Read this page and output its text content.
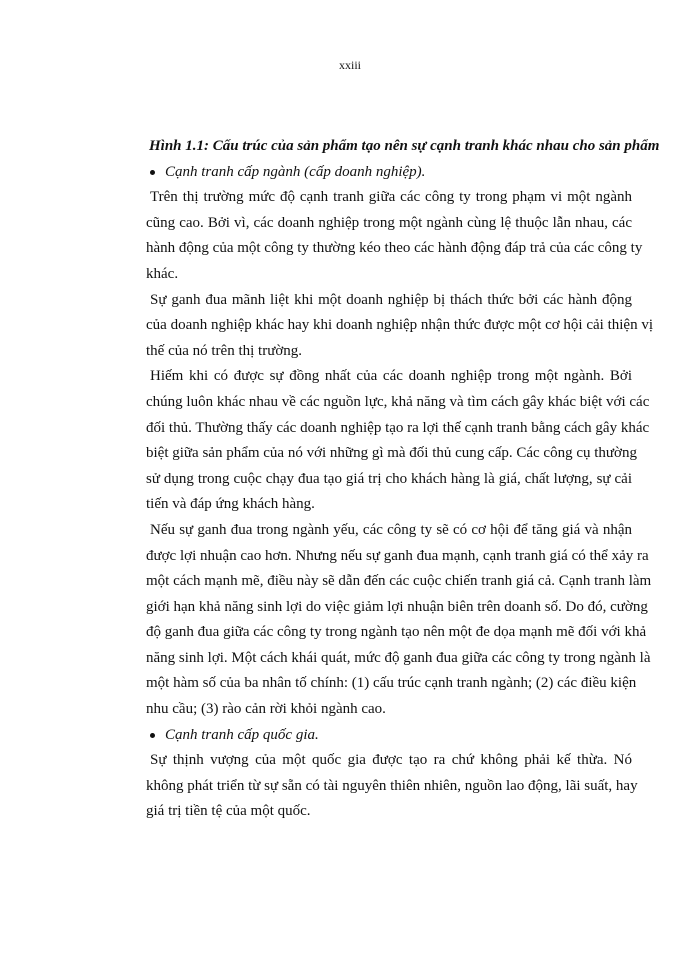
xxiii
Hình 1.1: Cấu trúc của sản phẩm tạo nên sự cạnh tranh khác nhau cho sản phẩm
Cạnh tranh cấp ngành (cấp doanh nghiệp).
Trên thị trường mức độ cạnh tranh giữa các công ty trong phạm vi một ngành
cũng cao. Bởi vì, các doanh nghiệp trong một ngành cùng lệ thuộc lẫn nhau, các
hành động của một công ty thường kéo theo các hành động đáp trả của các công ty
khác.
Sự ganh đua mãnh liệt khi một doanh nghiệp bị thách thức bởi các hành động
của doanh nghiệp khác hay khi doanh nghiệp nhận thức được một cơ hội cải thiện vị
thế của nó trên thị trường.
Hiếm khi có được sự đồng nhất của các doanh nghiệp trong một ngành. Bởi
chúng luôn khác nhau về các nguồn lực, khả năng và tìm cách gây khác biệt với các
đối thủ. Thường thấy các doanh nghiệp tạo ra lợi thế cạnh tranh bằng cách gây khác
biệt giữa sản phẩm của nó với những gì mà đối thủ cung cấp. Các công cụ thường
sử dụng trong cuộc chạy đua tạo giá trị cho khách hàng là giá, chất lượng, sự cải
tiến và đáp ứng khách hàng.
Nếu sự ganh đua trong ngành yếu, các công ty sẽ có cơ hội để tăng giá và nhận
được lợi nhuận cao hơn. Nhưng nếu sự ganh đua mạnh, cạnh tranh giá có thể xảy ra
một cách mạnh mẽ, điều này sẽ dẫn đến các cuộc chiến tranh giá cả. Cạnh tranh làm
giới hạn khả năng sinh lợi do việc giảm lợi nhuận biên trên doanh số. Do đó, cường
độ ganh đua giữa các công ty trong ngành tạo nên một đe dọa mạnh mẽ đối với khả
năng sinh lợi. Một cách khái quát, mức độ ganh đua giữa các công ty trong ngành là
một hàm số của ba nhân tố chính: (1) cấu trúc cạnh tranh ngành; (2) các điều kiện
nhu cầu; (3) rào cản rời khỏi ngành cao.
Cạnh tranh cấp quốc gia.
Sự thịnh vượng của một quốc gia được tạo ra chứ không phải kế thừa. Nó
không phát triển từ sự sẵn có tài nguyên thiên nhiên, nguồn lao động, lãi suất, hay
giá trị tiền tệ của một quốc.
